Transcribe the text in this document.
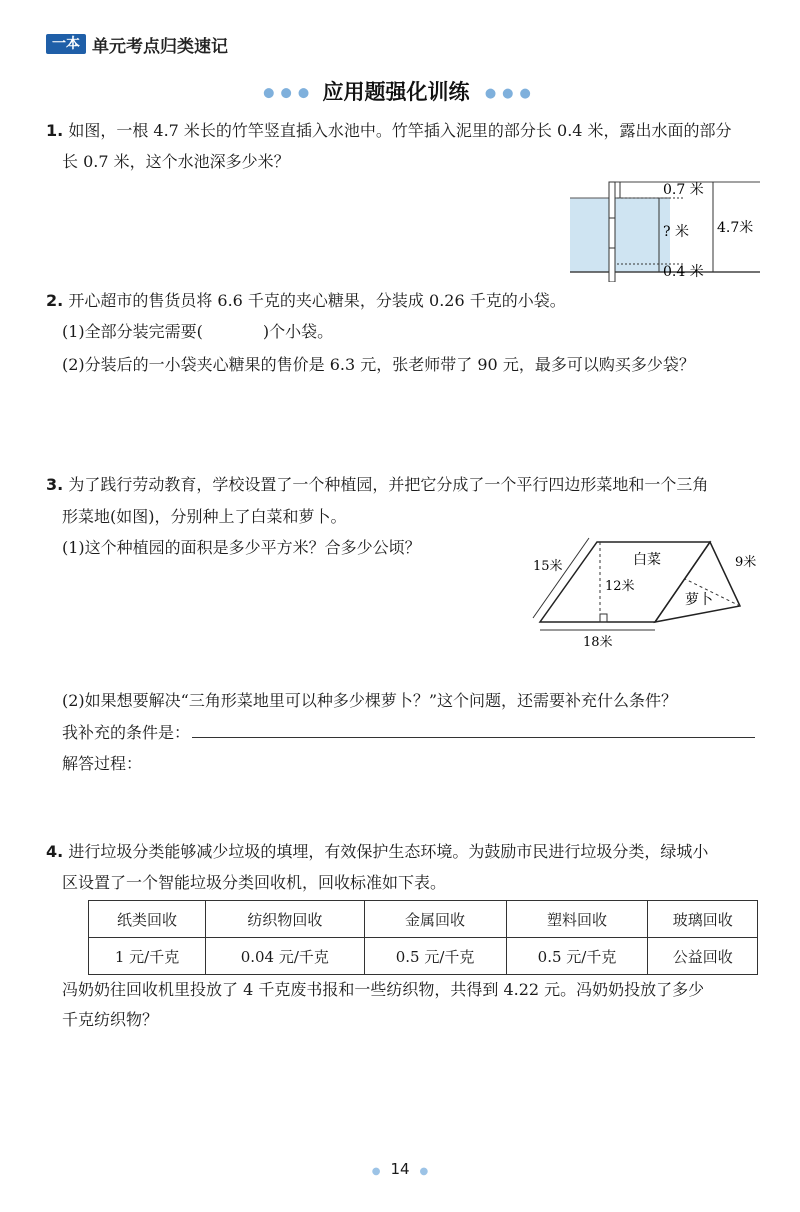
一本 单元考点归类速记
●●● 应用题强化训练 ●●●
1. 如图，一根 4.7 米长的竹竿竖直插入水池中。竹竿插入泥里的部分长 0.4 米，露出水面的部分
长 0.7 米，这个水池深多少米？
0.7 米
? 米
0.4 米
4.7米
2. 开心超市的售货员将 6.6 千克的夹心糖果，分装成 0.26 千克的小袋。
(1)全部分装完需要(	)个小袋。
(2)分装后的一小袋夹心糖果的售价是 6.3 元，张老师带了 90 元，最多可以购买多少袋？
3. 为了践行劳动教育，学校设置了一个种植园，并把它分成了一个平行四边形菜地和一个三角
形菜地(如图)，分别种上了白菜和萝卜。
(1)这个种植园的面积是多少平方米？合多少公顷？
15米
12米
白菜
萝卜
9米
18米
(2)如果想要解决“三角形菜地里可以种多少棵萝卜？”这个问题，还需要补充什么条件？
我补充的条件是：
解答过程：
4. 进行垃圾分类能够减少垃圾的填埋，有效保护生态环境。为鼓励市民进行垃圾分类，绿城小
区设置了一个智能垃圾分类回收机，回收标准如下表。
纸类回收	纺织物回收	金属回收	塑料回收	玻璃回收
1 元/千克	0.04 元/千克	0.5 元/千克	0.5 元/千克	公益回收
冯奶奶往回收机里投放了 4 千克废书报和一些纺织物，共得到 4.22 元。冯奶奶投放了多少
千克纺织物？
● 14 ●
